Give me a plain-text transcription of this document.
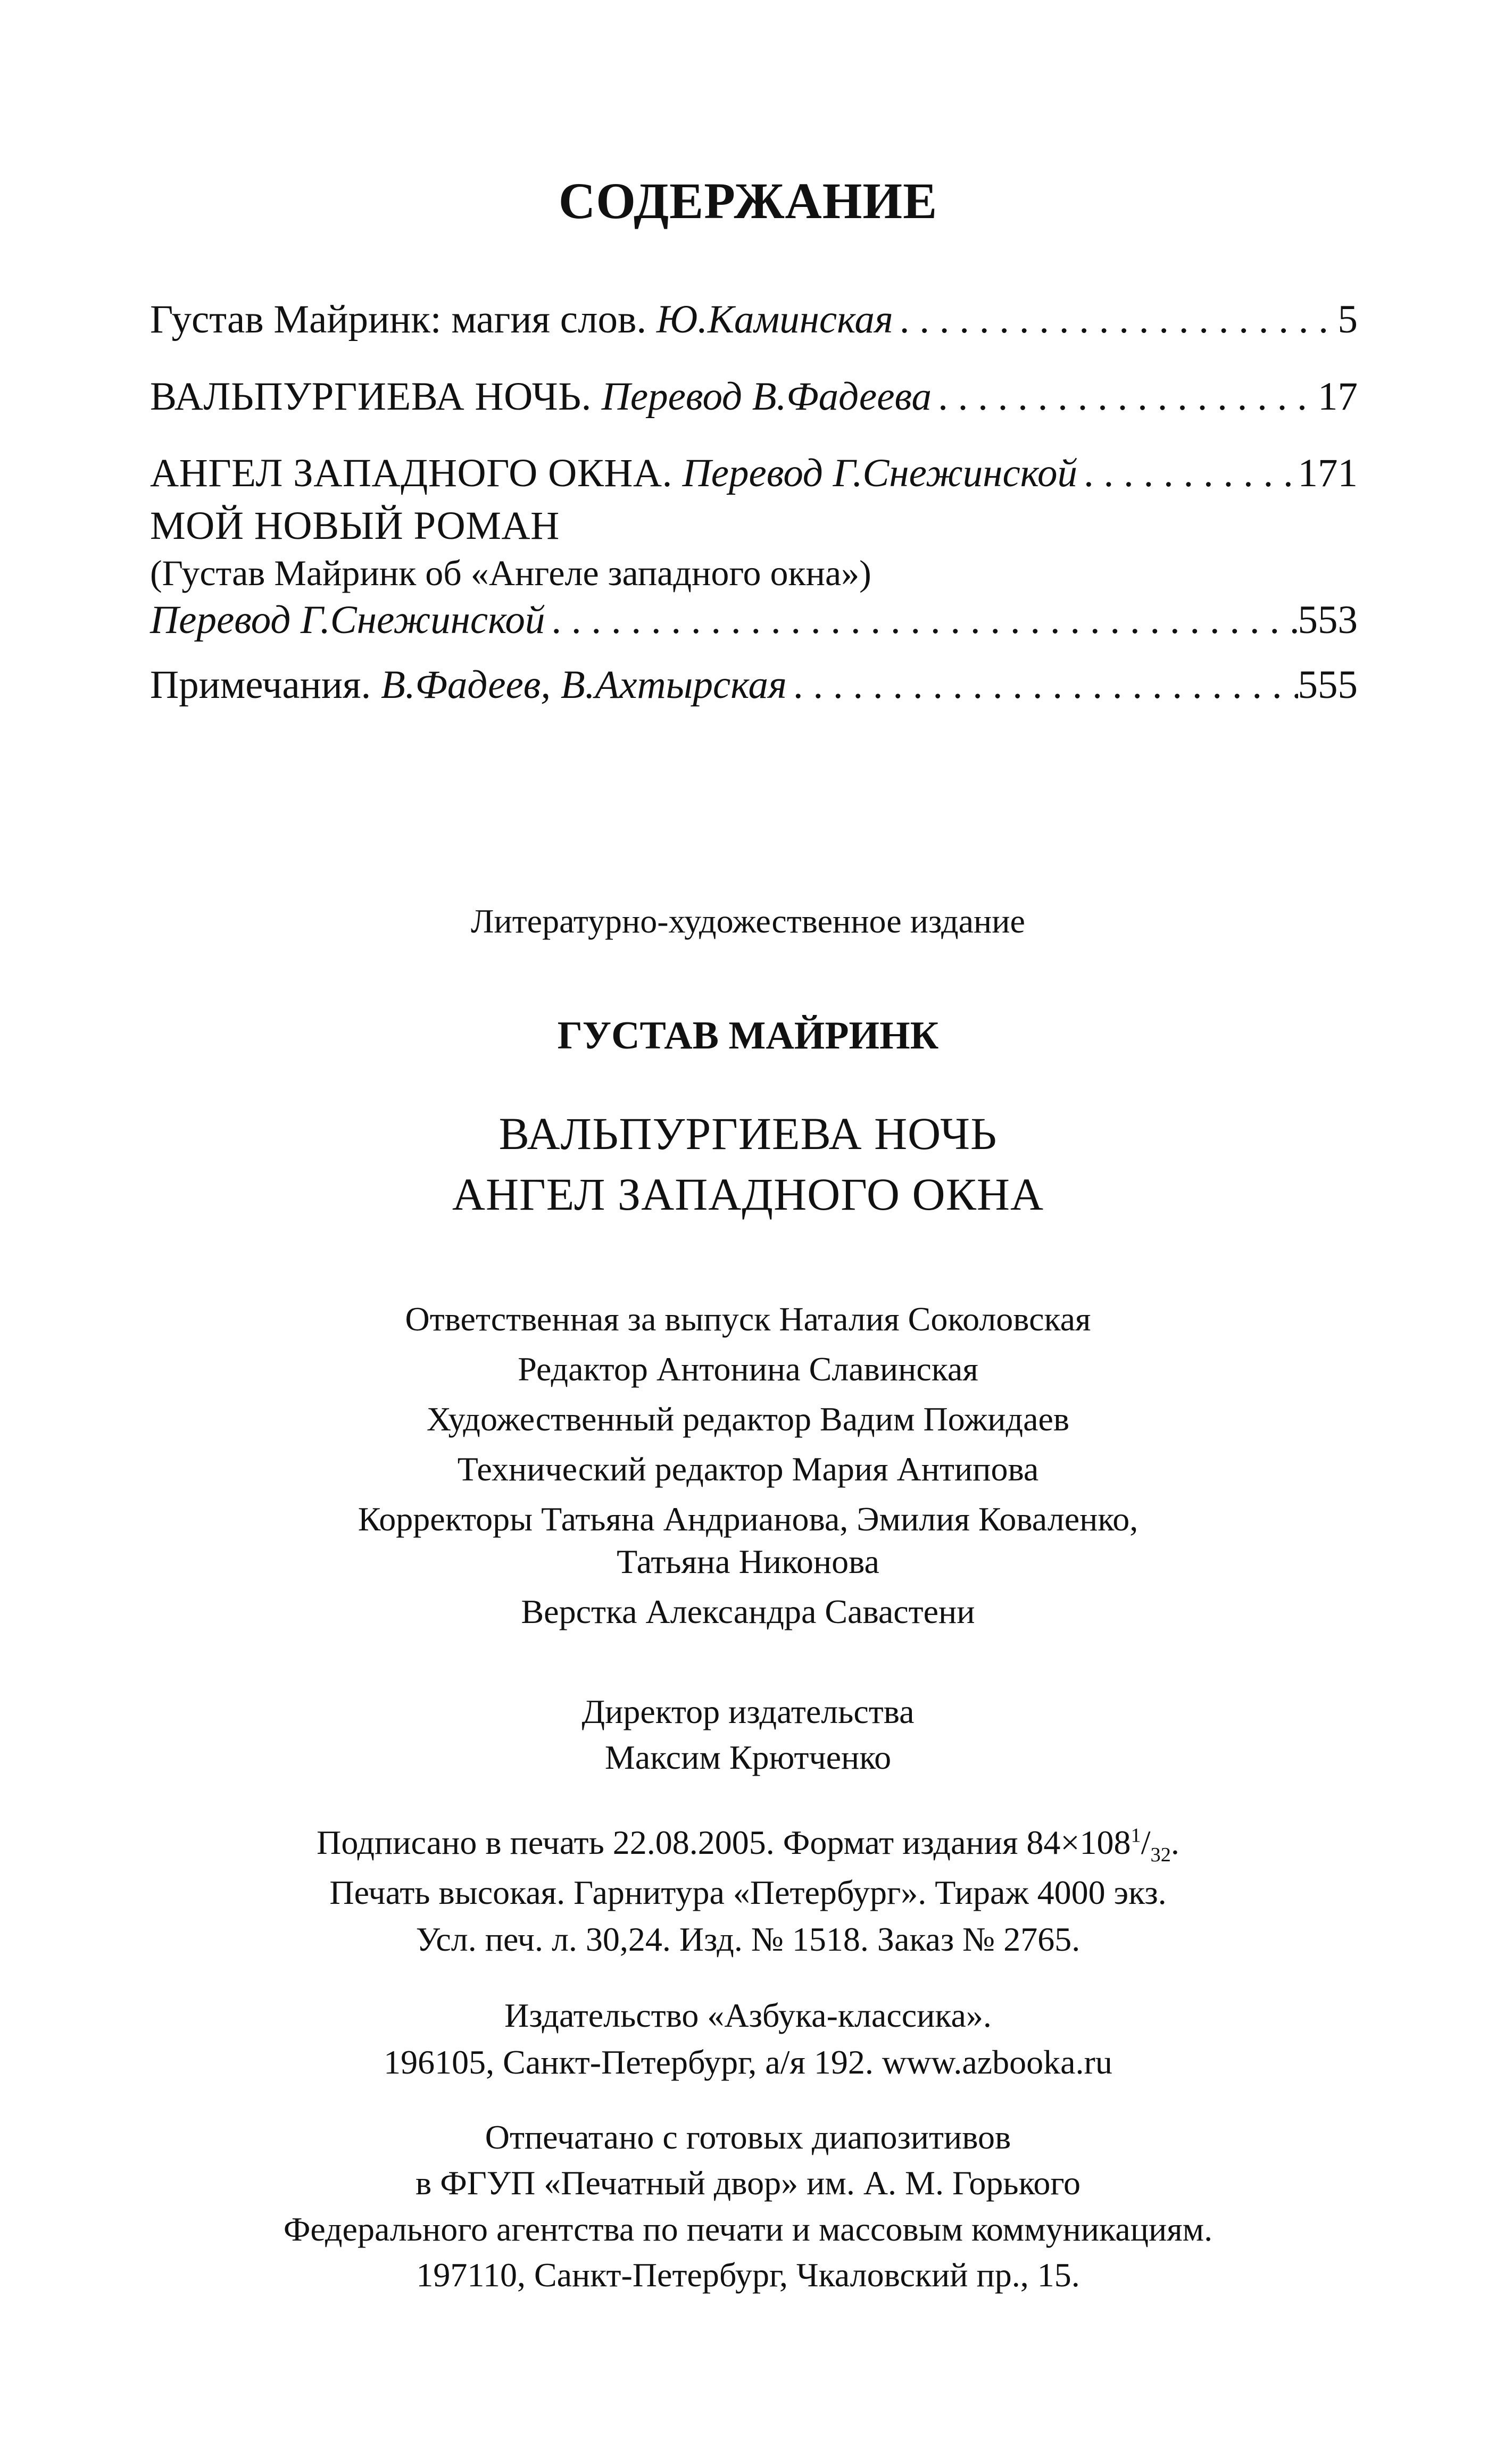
СОДЕРЖАНИЕ
Густав Майринк: магия слов.
Ю.Каминская . . .	5
ВАЛЬПУРГИЕВА НОЧЬ.
Перевод В.Фадеева . . .	17
АНГЕЛ ЗАПАДНОГО ОКНА.
Перевод Г.Снежинской . . .	171
МОЙ НОВЫЙ РОМАН
(Густав Майринк об «Ангеле западного окна»)
Перевод Г.Снежинской . . .	553
Примечания.
В.Фадеев, В.Ахтырская . . .	555
Литературно-художественное издание
ГУСТАВ МАЙРИНК
ВАЛЬПУРГИЕВА НОЧЬ
АНГЕЛ ЗАПАДНОГО ОКНА
Ответственная за выпуск Наталия Соколовская
Редактор Антонина Славинская
Художественный редактор Вадим Пожидаев
Технический редактор Мария Антипова
Корректоры Татьяна Андрианова, Эмилия Коваленко,
Татьяна Никонова
Верстка Александра Савастени
Директор издательства
Максим Крютченко
Подписано в печать 22.08.2005. Формат издания $84\times 108^1/_{32}$.
Печать высокая. Гарнитура «Петербург». Тираж 4000 экз.
Усл. печ. л. 30,24. Изд. № 1518. Заказ № 2765.
Издательство «Азбука-классика».
196105, Санкт-Петербург, а/я 192. www.azbooka.ru
Отпечатано с готовых диапозитивов
в ФГУП «Печатный двор» им. А. М. Горького
Федерального агентства по печати и массовым коммуникациям.
197110, Санкт-Петербург, Чкаловский пр., 15.
